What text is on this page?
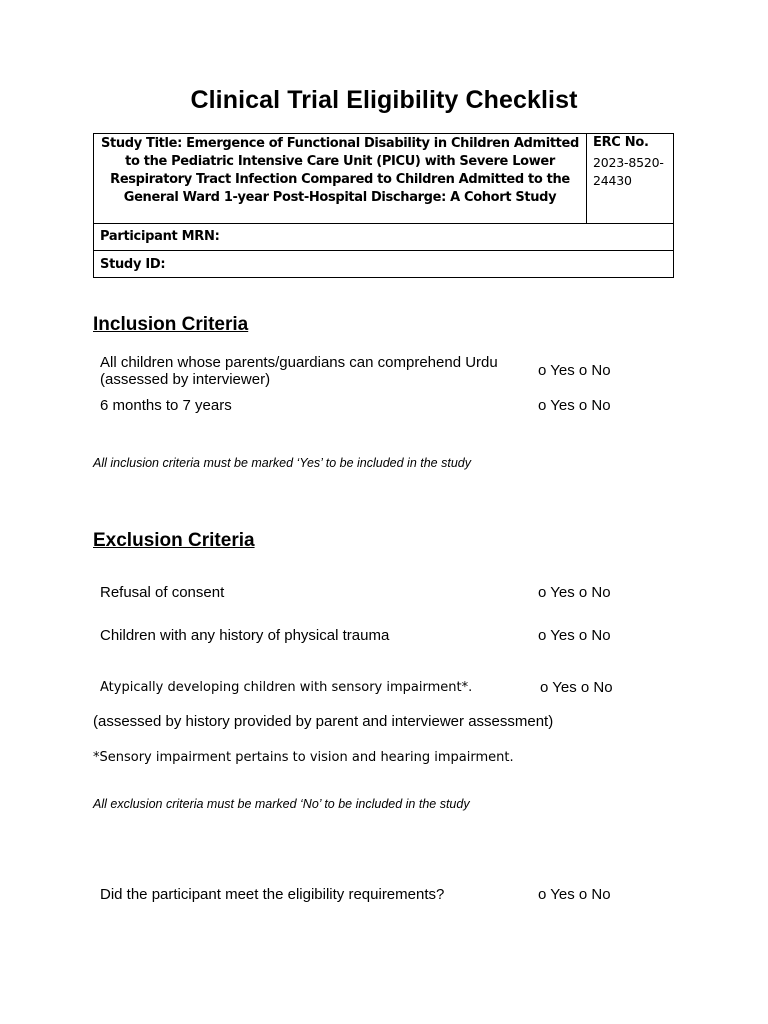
Clinical Trial Eligibility Checklist
Study Title: Emergence of Functional Disability in Children Admitted to the Pediatric Intensive Care Unit (PICU) with Severe Lower Respiratory Tract Infection Compared to Children Admitted to the General Ward 1-year Post-Hospital Discharge: A Cohort Study
ERC No.
2023-8520-24430
Participant MRN:
Study ID:
Inclusion Criteria
All children whose parents/guardians can comprehend Urdu (assessed by interviewer)
o Yes o No
6 months to 7 years	o Yes o No
All inclusion criteria must be marked ‘Yes’ to be included in the study
Exclusion Criteria
Refusal of consent	o Yes o No
Children with any history of physical trauma	o Yes o No
Atypically developing children with sensory impairment*.	o Yes o No
(assessed by history provided by parent and interviewer assessment)
*Sensory impairment pertains to vision and hearing impairment.
All exclusion criteria must be marked ‘No’ to be included in the study
Did the participant meet the eligibility requirements?	o Yes o No
